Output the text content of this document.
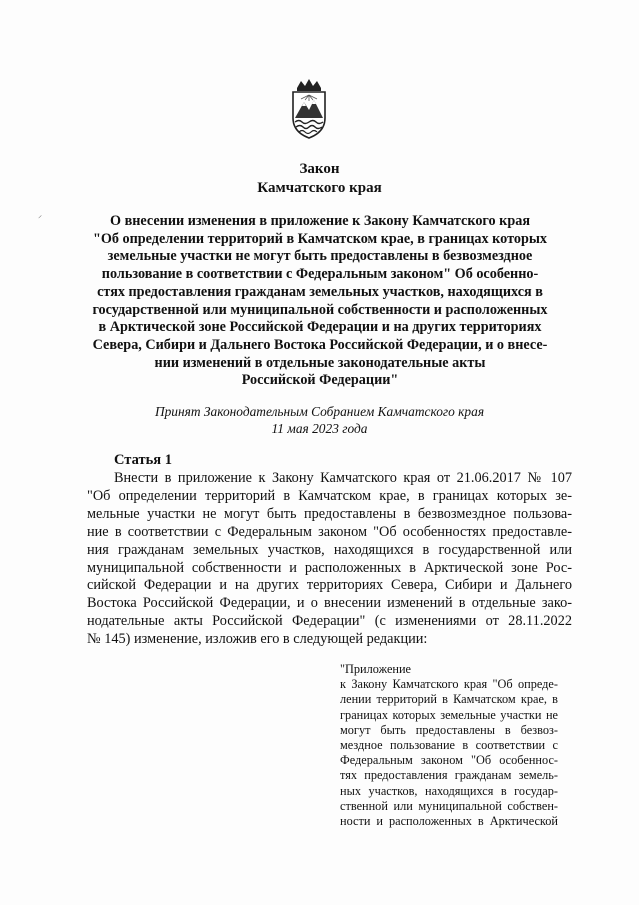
⸍
Закон
Камчатского края
О внесении изменения в приложение к Закону Камчатского края
"Об определении территорий в Камчатском крае, в границах которых
земельные участки не могут быть предоставлены в безвозмездное
пользование в соответствии с Федеральным законом" Об особенно-
стях предоставления гражданам земельных участков, находящихся в
государственной или муниципальной собственности и расположенных
в Арктической зоне Российской Федерации и на других территориях
Севера, Сибири и Дальнего Востока Российской Федерации, и о внесе-
нии изменений в отдельные законодательные акты
Российской Федерации"
Принят Законодательным Собранием Камчатского края
11 мая 2023 года
Статья 1
Внести в приложение к Закону Камчатского края от 21.06.2017 № 107
"Об определении территорий в Камчатском крае, в границах которых зе-
мельные участки не могут быть предоставлены в безвозмездное пользова-
ние в соответствии с Федеральным законом "Об особенностях предоставле-
ния гражданам земельных участков, находящихся в государственной или
муниципальной собственности и расположенных в Арктической зоне Рос-
сийской Федерации и на других территориях Севера, Сибири и Дальнего
Востока Российской Федерации, и о внесении изменений в отдельные зако-
нодательные акты Российской Федерации" (с изменениями от 28.11.2022
№ 145) изменение, изложив его в следующей редакции:
"Приложение
к Закону Камчатского края "Об опреде-
лении территорий в Камчатском крае, в
границах которых земельные участки не
могут быть предоставлены в безвоз-
мездное пользование в соответствии с
Федеральным законом "Об особеннос-
тях предоставления гражданам земель-
ных участков, находящихся в государ-
ственной или муниципальной собствен-
ности и расположенных в Арктической
